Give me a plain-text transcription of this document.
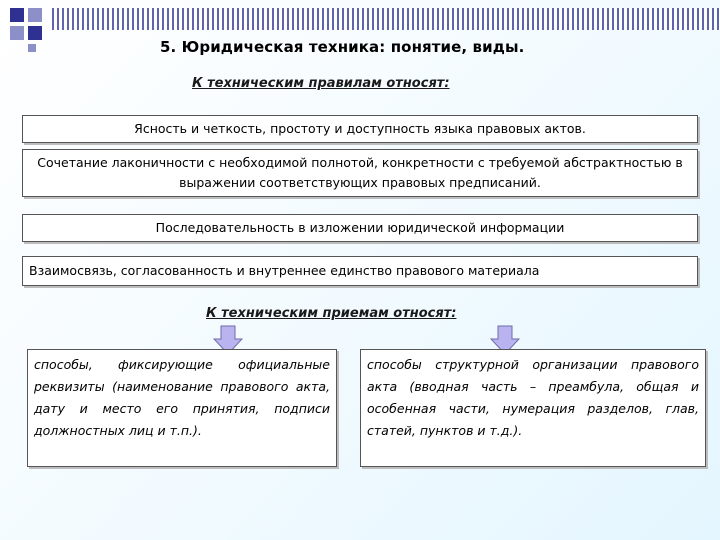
5. Юридическая техника: понятие, виды.
К техническим правилам относят:
Ясность и четкость, простоту и доступность языка правовых актов.
Сочетание лаконичности с необходимой полнотой, конкретности с требуемой абстрактностью в выражении соответствующих правовых предписаний.
Последовательность в изложении юридической информации
Взаимосвязь, согласованность и внутреннее единство правового материала
К техническим приемам относят:
способы, фиксирующие официальные реквизиты (наименование правового акта, дату и место его принятия, подписи должностных лиц и т.п.).
способы структурной организации правового акта (вводная часть – преамбула, общая и особенная части, нумерация разделов, глав, статей, пунктов и т.д.).
